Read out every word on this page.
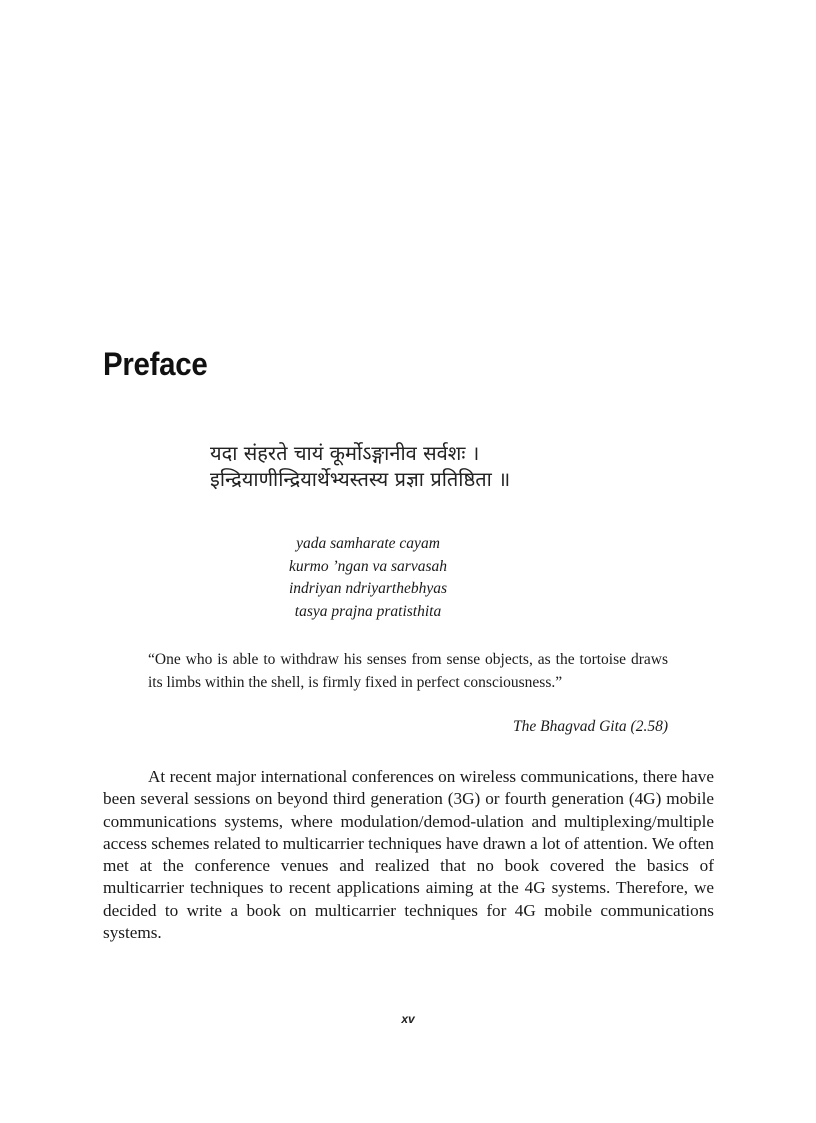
Preface
यदा संहरते चायं कूर्मोऽङ्गानीव सर्वशः ।
इन्द्रियाणीन्द्रियार्थेभ्यस्तस्य प्रज्ञा प्रतिष्ठिता ॥
yada samharate cayam
kurmo ’ngan va sarvasah
indriyan ndriyarthebhyas
tasya prajna pratisthita

“One who is able to withdraw his senses from sense objects, as the tortoise draws its limbs within the shell, is firmly fixed in perfect consciousness.”

The Bhagvad Gita (2.58)

At recent major international conferences on wireless communications, there have been several sessions on beyond third generation (3G) or fourth generation (4G) mobile communications systems, where modulation/demod-ulation and multiplexing/multiple access schemes related to multicarrier techniques have drawn a lot of attention. We often met at the conference venues and realized that no book covered the basics of multicarrier techniques to recent applications aiming at the 4G systems. Therefore, we decided to write a book on multicarrier techniques for 4G mobile communications systems.

xv
